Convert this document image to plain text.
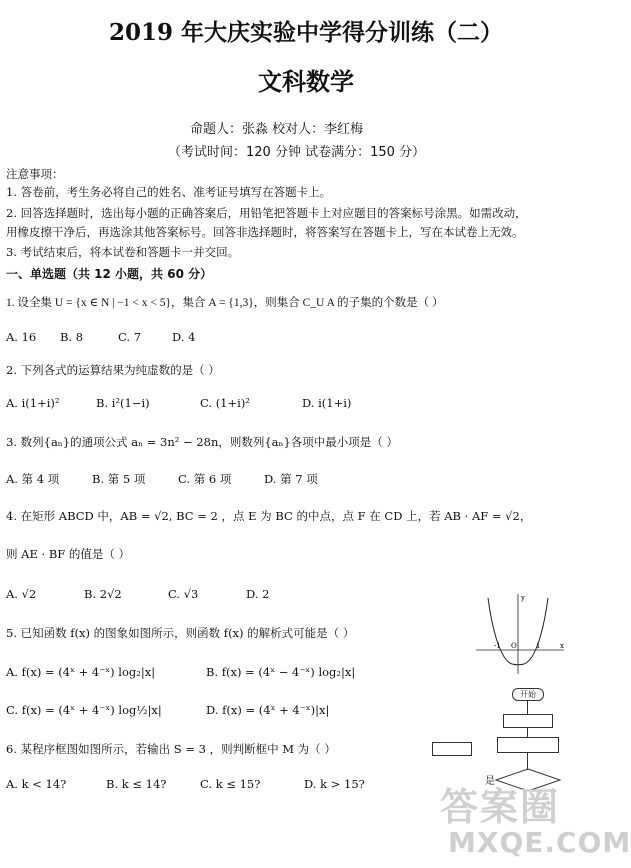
2019 年大庆实验中学得分训练（二）
文科数学
命题人：张淼 校对人：李红梅
（考试时间：120 分钟 试卷满分：150 分）
注意事项：
1. 答卷前，考生务必将自己的姓名、准考证号填写在答题卡上。
2. 回答选择题时，选出每小题的正确答案后，用铅笔把答题卡上对应题目的答案标号涂黑。如需改动，
用橡皮擦干净后，再选涂其他答案标号。回答非选择题时，将答案写在答题卡上，写在本试卷上无效。
3. 考试结束后，将本试卷和答题卡一并交回。
一、单选题（共 12 小题，共 60 分）
1. 设全集 U = {x ∈ N | −1 < x < 5}，集合 A = {1,3}，则集合 C_U A 的子集的个数是（ ）
A. 16 B. 8	C. 7	D. 4
2. 下列各式的运算结果为纯虚数的是（ ）
A. i(1+i)²	B. i²(1−i)	C. (1+i)²	D. i(1+i)
3. 数列{aₙ}的通项公式 aₙ = 3n² − 28n，则数列{aₙ}各项中最小项是（ ）
A. 第 4 项	B. 第 5 项	C. 第 6 项	D. 第 7 项
4. 在矩形 ABCD 中，AB = √2, BC = 2 ，点 E 为 BC 的中点，点 F 在 CD 上，若 AB · AF = √2，
则 AE · BF 的值是（ ）
A. √2	B. 2√2	C. √3	D. 2
5. 已知函数 f(x) 的图象如图所示，则函数 f(x) 的解析式可能是（ ）
A. f(x) = (4ˣ + 4⁻ˣ) log₂|x|	B. f(x) = (4ˣ − 4⁻ˣ) log₂|x|
C. f(x) = (4ˣ + 4⁻ˣ) log½|x|	D. f(x) = (4ˣ + 4⁻ˣ)|x|
6. 某程序框图如图所示，若输出 S = 3 ，则判断框中 M 为（ ）
A. k < 14?	B. k ≤ 14?	C. k ≤ 15?	D. k > 15?
y
x
-1 O	1
开始
是
答案圈
MXQE.COM
